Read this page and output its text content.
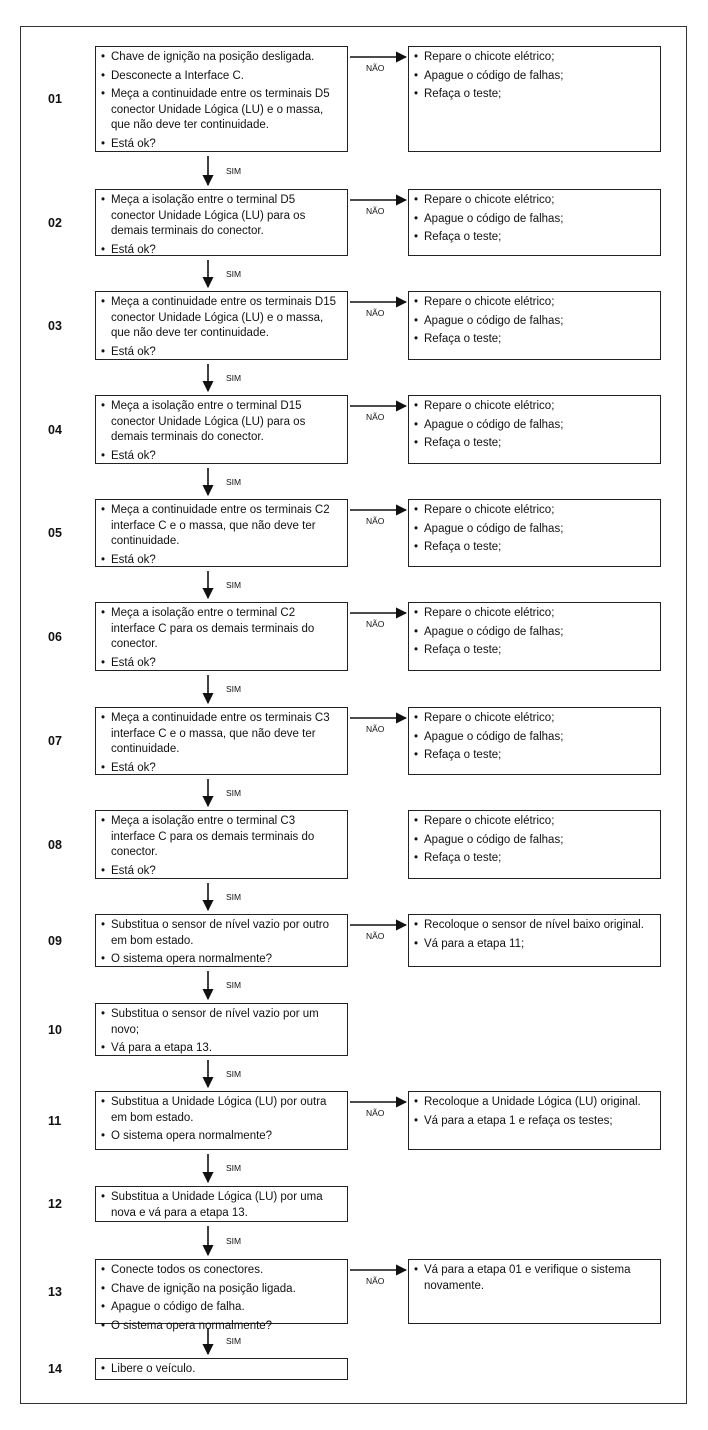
01
• Chave de ignição na posição desligada.
• Desconecte a Interface C.
• Meça a continuidade entre os terminais D5 conector Unidade Lógica (LU) e o massa, que não deve ter continuidade.
• Está ok?
SIM
02
• Meça a isolação entre o terminal D5 conector Unidade Lógica (LU) para os demais terminais do conector.
• Está ok?
SIM
03
• Meça a continuidade entre os terminais D15 conector Unidade Lógica (LU) e o massa, que não deve ter continuidade.
• Está ok?
SIM
04
• Meça a isolação entre o terminal D15 conector Unidade Lógica (LU) para os demais terminais do conector.
• Está ok?
SIM
05
• Meça a continuidade entre os terminais C2 interface C e o massa, que não deve ter continuidade.
• Está ok?
SIM
06
• Meça a isolação entre o terminal C2 interface C para os demais terminais do conector.
• Está ok?
SIM
07
• Meça a continuidade entre os terminais C3 interface C e o massa, que não deve ter continuidade.
• Está ok?
SIM
08
• Meça a isolação entre o terminal C3 interface C para os demais terminais do conector.
• Está ok?
SIM
09
• Substitua o sensor de nível vazio por outro em bom estado.
• O sistema opera normalmente?
SIM
10
• Substitua o sensor de nível vazio por um novo;
• Vá para a etapa 13.
SIM
11
• Substitua a Unidade Lógica (LU) por outra em bom estado.
• O sistema opera normalmente?
SIM
12	• Substitua a Unidade Lógica (LU) por uma nova e vá para a etapa 13.
SIM
13
• Conecte todos os conectores.
• Chave de ignição na posição ligada.
• Apague o código de falha.
• O sistema opera normalmente?
SIM
14	• Libere o veículo.
• Repare o chicote elétrico;
• Apague o código de falhas;
• Refaça o teste;
NÃO
• Repare o chicote elétrico;
• Apague o código de falhas;
• Refaça o teste;
NÃO
• Repare o chicote elétrico;
• Apague o código de falhas;
• Refaça o teste;
NÃO
• Repare o chicote elétrico;
• Apague o código de falhas;
• Refaça o teste;
NÃO
• Repare o chicote elétrico;
• Apague o código de falhas;
• Refaça o teste;
NÃO
• Repare o chicote elétrico;
• Apague o código de falhas;
• Refaça o teste;
NÃO
• Repare o chicote elétrico;
• Apague o código de falhas;
• Refaça o teste;
NÃO
• Repare o chicote elétrico;
• Apague o código de falhas;
• Refaça o teste;
• Recoloque o sensor de nível baixo original.
• Vá para a etapa 11;
NÃO
• Recoloque a Unidade Lógica (LU) original.
• Vá para a etapa 1 e refaça os testes;
NÃO
• Vá para a etapa 01 e verifique o sistema novamente.
NÃO
